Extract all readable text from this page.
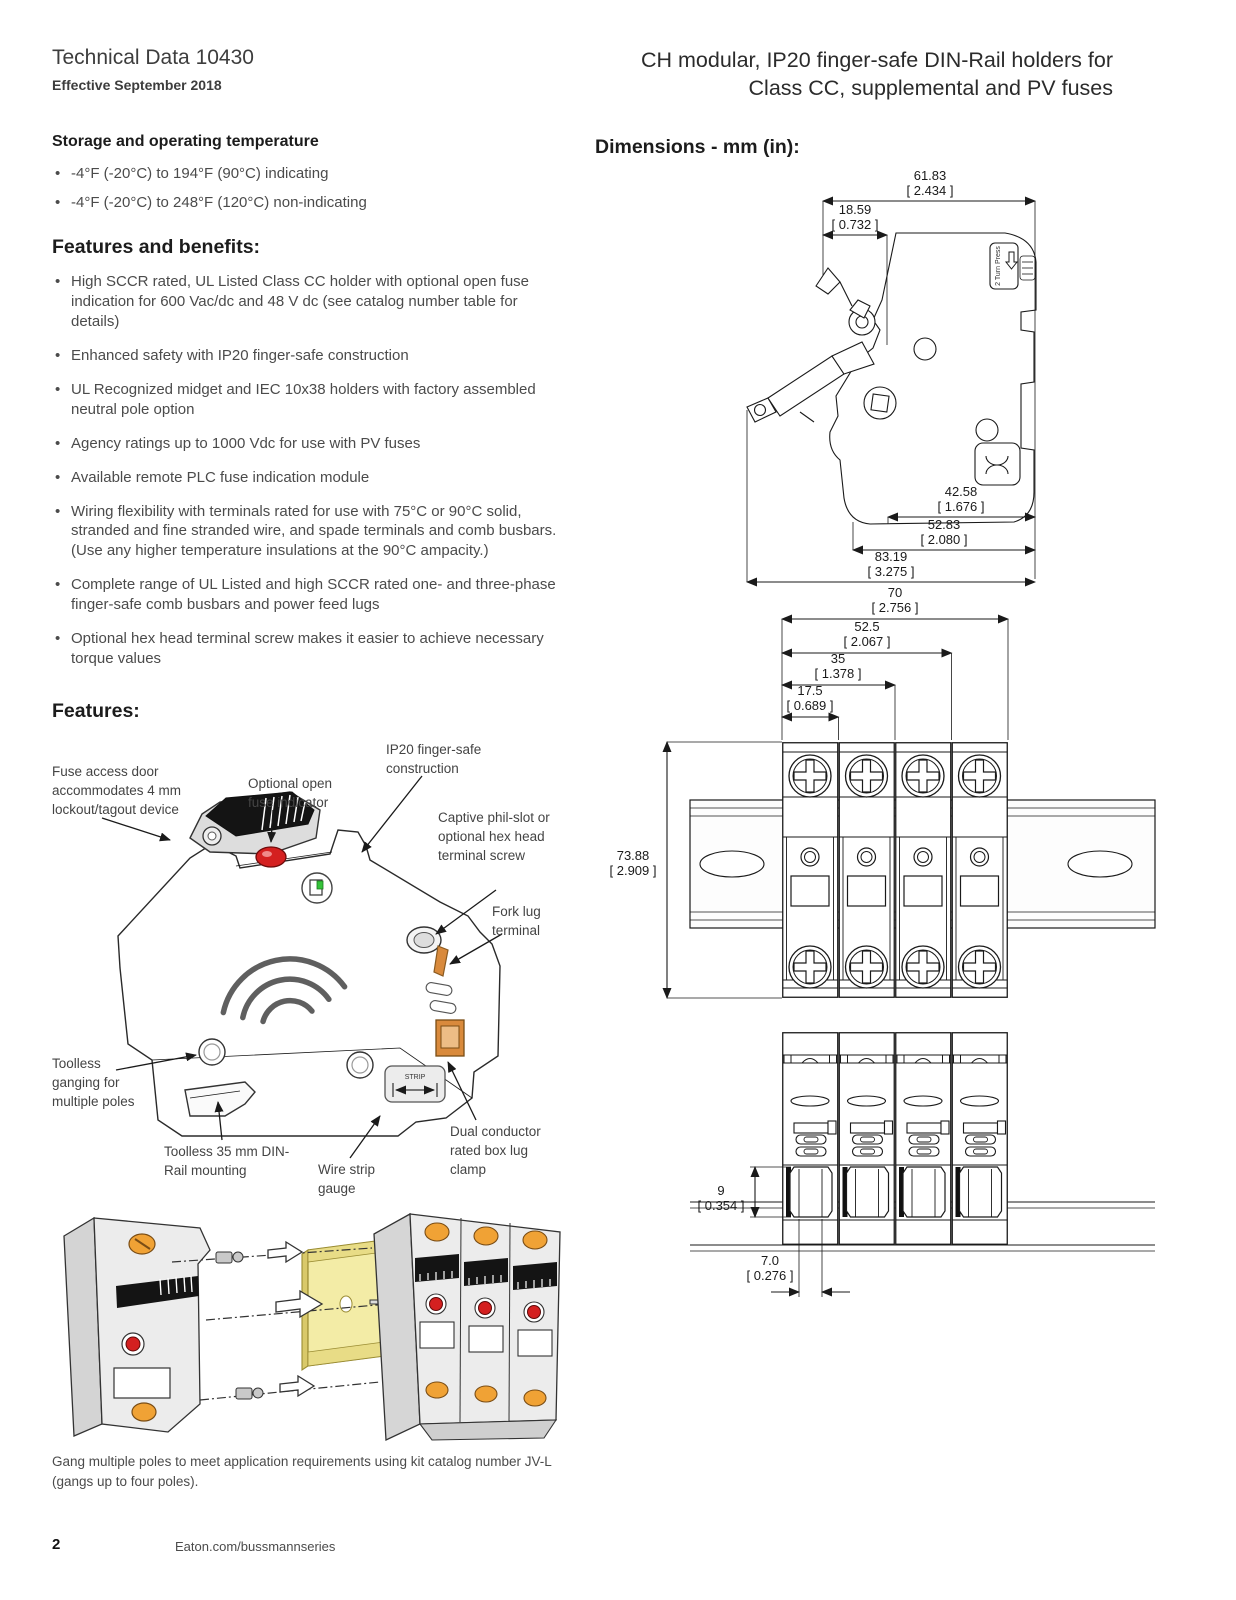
Technical Data 10430
Effective September 2018
CH modular, IP20 finger-safe DIN-Rail holders for
Class CC, supplemental and PV fuses
Storage and operating temperature
• -4°F (-20°C) to 194°F (90°C) indicating
• -4°F (-20°C) to 248°F (120°C) non-indicating
Features and benefits:
• High SCCR rated, UL Listed Class CC holder with optional open fuse indication for 600 Vac/dc and 48 V dc (see catalog number table for details)
• Enhanced safety with IP20 finger-safe construction
• UL Recognized midget and IEC 10x38 holders with factory assembled neutral pole option
• Agency ratings up to 1000 Vdc for use with PV fuses
• Available remote PLC fuse indication module
• Wiring flexibility with terminals rated for use with 75°C or 90°C solid, stranded and fine stranded wire, and spade terminals and comb busbars. (Use any higher temperature insulations at the 90°C ampacity.)
• Complete range of UL Listed and high SCCR rated one- and three-phase finger-safe comb busbars and power feed lugs
• Optional hex head terminal screw makes it easier to achieve necessary torque values
Features:
STRIP
Fuse access door accommodates 4 mm lockout/tagout device
Optional open fuse indicator
IP20 finger-safe construction
Captive phil-slot or optional hex head terminal screw
Fork lug terminal
Toolless ganging for multiple poles
Toolless 35 mm DIN-Rail mounting	Wire strip gauge
Dual conductor rated box lug clamp
Gang multiple poles to meet application requirements using kit catalog number JV-L (gangs up to four poles).
Dimensions - mm (in):
61.83
[ 2.434 ]
18.59
[ 0.732 ]
2 Turn Press
42.58
[ 1.676 ]
52.83
[ 2.080 ]
83.19
[ 3.275 ]
70
[ 2.756 ]
52.5
[ 2.067 ]
35
[ 1.378 ]
17.5
[ 0.689 ]
73.88
[ 2.909 ]
9
[ 0.354 ]
7.0
[ 0.276 ]
2	Eaton.com/bussmannseries
